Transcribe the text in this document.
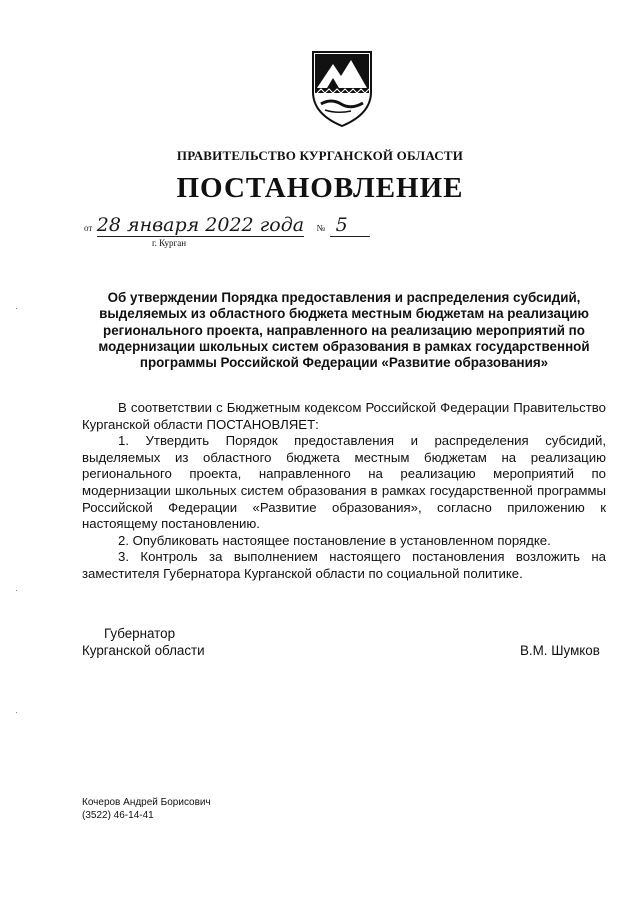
ПРАВИТЕЛЬСТВО КУРГАНСКОЙ ОБЛАСТИ
ПОСТАНОВЛЕНИЕ
от 28 января 2022 года № 5
г. Курган
Об утверждении Порядка предоставления и распределения субсидий, выделяемых из областного бюджета местным бюджетам на реализацию регионального проекта, направленного на реализацию мероприятий по модернизации школьных систем образования в рамках государственной программы Российской Федерации «Развитие образования»

В соответствии с Бюджетным кодексом Российской Федерации Правительство Курганской области ПОСТАНОВЛЯЕТ:

1. Утвердить Порядок предоставления и распределения субсидий, выделяемых из областного бюджета местным бюджетам на реализацию регионального проекта, направленного на реализацию мероприятий по модернизации школьных систем образования в рамках государственной программы Российской Федерации «Развитие образования», согласно приложению к настоящему постановлению.

2. Опубликовать настоящее постановление в установленном порядке.

3. Контроль за выполнением настоящего постановления возложить на заместителя Губернатора Курганской области по социальной политике.

Губернатор
Курганской области	В.М. Шумков
Кочеров Андрей Борисович
(3522) 46-14-41
